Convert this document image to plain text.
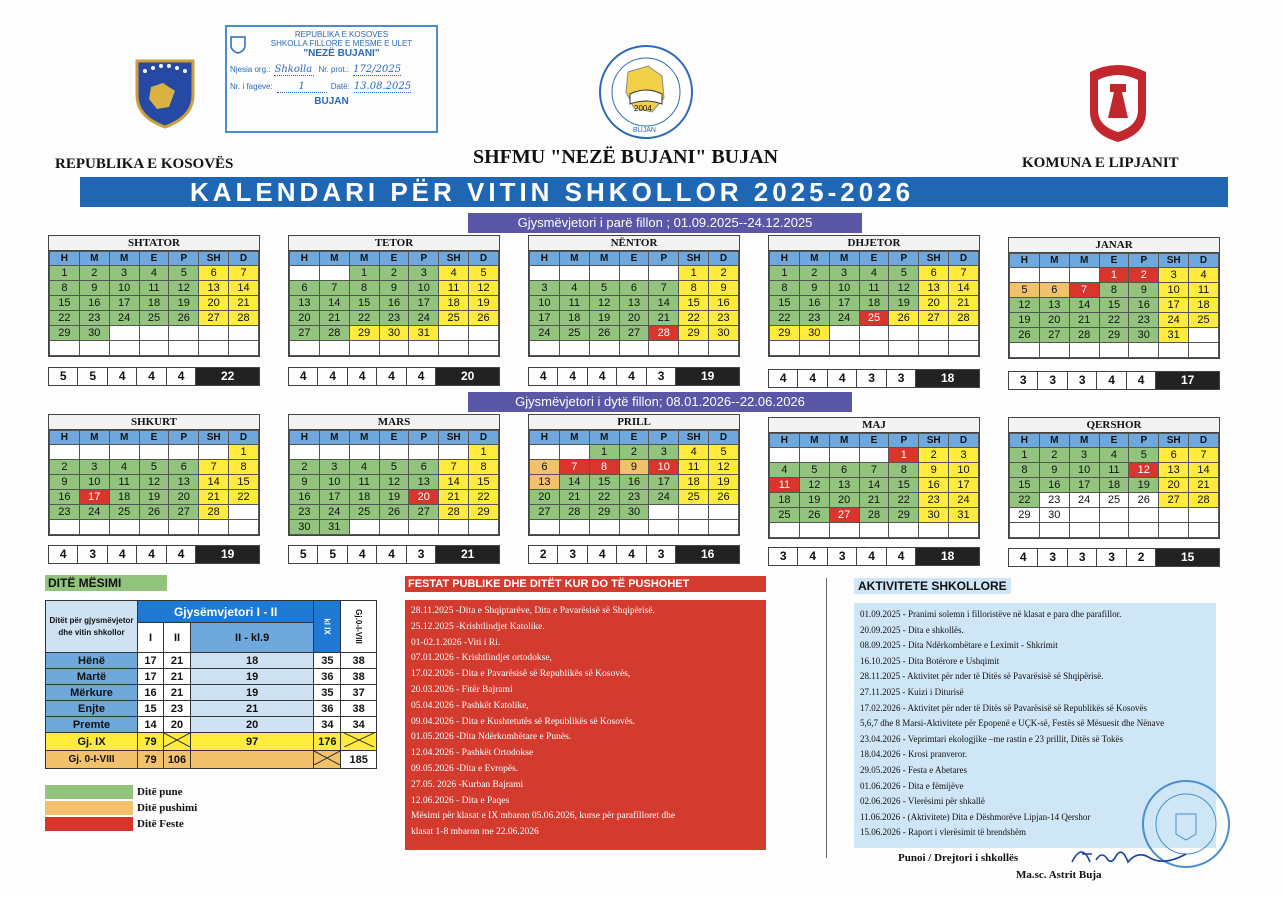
REPUBLIKA E KOSOVES
SHKOLLA FILLORE E MESME E ULET
"NEZË BUJANI"
Njesia org.: Shkolla Nr. prot.: 172/2025
Nr. i fageve:	1	Datë: 13.08.2025
BUJAN
2004
BUJAN
REPUBLIKA E KOSOVËS	SHFMU "NEZË BUJANI" BUJAN	KOMUNA E LIPJANIT
KALENDARI PËR VITIN SHKOLLOR 2025-2026
Gjysmëvjetori i parë fillon ; 01.09.2025--24.12.2025
Gjysmëvjetori i dytë fillon; 08.01.2026--22.06.2026
SHTATOR
H	M	M	E	P	SH	D
1	2	3	4	5	6	7
8	9	10	11	12	13	14
15	16	17	18	19	20	21
22	23	24	25	26	27	28
29	30					

5	5	4	4	4	22
TETOR
H	M	M	E	P	SH	D
		1	2	3	4	5
6	7	8	9	10	11	12
13	14	15	16	17	18	19
20	21	22	23	24	25	26
27	28	29	30	31		

4	4	4	4	4	20
NËNTOR
H	M	M	E	P	SH	D
					1	2
3	4	5	6	7	8	9
10	11	12	13	14	15	16
17	18	19	20	21	22	23
24	25	26	27	28	29	30

4	4	4	4	3	19
DHJETOR
H	M	M	E	P	SH	D
1	2	3	4	5	6	7
8	9	10	11	12	13	14
15	16	17	18	19	20	21
22	23	24	25	26	27	28
29	30					

4	4	4	3	3	18
JANAR
H	M	M	E	P	SH	D
			1	2	3	4
5	6	7	8	9	10	11
12	13	14	15	16	17	18
19	20	21	22	23	24	25
26	27	28	29	30	31	

3	3	3	4	4	17
SHKURT
H	M	M	E	P	SH	D
						1
2	3	4	5	6	7	8
9	10	11	12	13	14	15
16	17	18	19	20	21	22
23	24	25	26	27	28	

4	3	4	4	4	19
MARS
H	M	M	E	P	SH	D
						1
2	3	4	5	6	7	8
9	10	11	12	13	14	15
16	17	18	19	20	21	22
23	24	25	26	27	28	29
30	31					
5	5	4	4	3	21
PRILL
H	M	M	E	P	SH	D
		1	2	3	4	5
6	7	8	9	10	11	12
13	14	15	16	17	18	19
20	21	22	23	24	25	26
27	28	29	30			

2	3	4	4	3	16
MAJ
H	M	M	E	P	SH	D
				1	2	3
4	5	6	7	8	9	10
11	12	13	14	15	16	17
18	19	20	21	22	23	24
25	26	27	28	29	30	31

3	4	3	4	4	18
QERSHOR
H	M	M	E	P	SH	D
1	2	3	4	5	6	7
8	9	10	11	12	13	14
15	16	17	18	19	20	21
22	23	24	25	26	27	28
29	30					

4	3	3	3	2	15
DITË MËSIMI
Ditët për gjysmëvjetor dhe vitin shkollor	Gjysëmvjetori I - II			kl IX	Gj.0-I-VIII
	I	II	II - kl.9		
Hënë	17	21	18	35	38
Martë	17	21	19	36	38
Mërkure	16	21	19	35	37
Enjte	15	23	21	36	38
Premte	14	20	20	34	34
Gj. IX	79		97	176	
Gj. 0-I-VIII	79	106			185
Ditë pune
Ditë pushimi
Ditë Feste
FESTAT PUBLIKE DHE DITËT KUR DO TË PUSHOHET
28.11.2025 -Dita e Shqiptarëve, Dita e Pavarësisë së Shqipërisë.
25.12.2025 -Krishtlindjet Katolike.
01-02.1.2026 -Viti i Ri.
07.01.2026 - Krishtlindjet ortodokse,
17.02.2026 - Dita e Pavarësisë së Republikës së Kosovës,
20.03.2026 - Fitër Bajrami
05.04.2026 - Pashkët Katolike,
09.04.2026 - Dita e Kushtetutës së Republikës së Kosovës.
01.05.2026 -Dita Ndërkombëtare e Punës.
12.04.2026 - Pashkët Ortodokse
09.05.2026 -Dita e Evropës.
27.05. 2026 -Kurban Bajrami
12.06.2026 - Dita e Paqes
Mësimi për klasat e IX mbaron 05.06.2026, kurse për parafilloret dhe
klasat 1-8 mbaron me 22.06.2026
AKTIVITETE SHKOLLORE
01.09.2025 - Pranimi solemn i filloristëve në klasat e para dhe parafillor.
20.09.2025 - Dita e shkollës.
08.09.2025 - Dita Ndërkombëtare e Leximit - Shkrimit
16.10.2025 - Dita Botërore e Ushqimit
28.11.2025 - Aktivitet për nder të Ditës së Pavarësisë së Shqipërisë.
27.11.2025 - Kuizi i Diturisë
17.02.2026 - Aktivitet për nder të Ditës së Pavarësisë së Republikës së Kosovës
5,6,7 dhe 8 Marsi-Aktivitete për Epopenë e UÇK-së, Festës së Mësuesit dhe Nënave
23.04.2026 - Veprimtari ekologjike –me rastin e 23 prillit, Ditës së Tokës
18.04.2026 - Krosi pranveror.
29.05.2026 - Festa e Abetares
01.06.2026 - Dita e fëmijëve
02.06.2026 - Vlerësimi për shkallë
11.06.2026 - (Aktivitete) Dita e Dëshmorëve Lipjan-14 Qershor
15.06.2026 - Raport i vlerësimit të brendshëm
Punoi / Drejtori i shkollës
Ma.sc. Astrit Buja
